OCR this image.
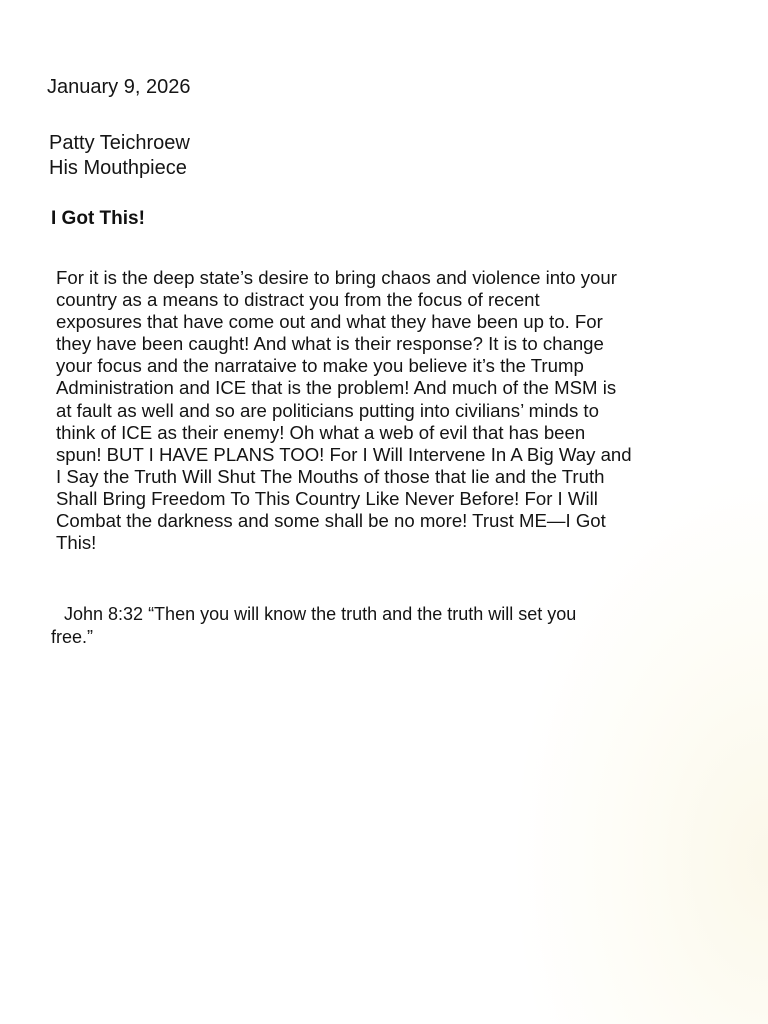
January 9, 2026
Patty Teichroew
His Mouthpiece
I Got This!
For it is the deep state’s desire to bring chaos and violence into your
country as a means to distract you from the focus of recent
exposures that have come out and what they have been up to. For
they have been caught! And what is their response? It is to change
your focus and the narrataive to make you believe it’s the Trump
Administration and ICE that is the problem! And much of the MSM is
at fault as well and so are politicians putting into civilians’ minds to
think of ICE as their enemy! Oh what a web of evil that has been
spun! BUT I HAVE PLANS TOO! For I Will Intervene In A Big Way and
I Say the Truth Will Shut The Mouths of those that lie and the Truth
Shall Bring Freedom To This Country Like Never Before! For I Will
Combat the darkness and some shall be no more! Trust ME—I Got
This!
John 8:32 “Then you will know the truth and the truth will set you
free.”
